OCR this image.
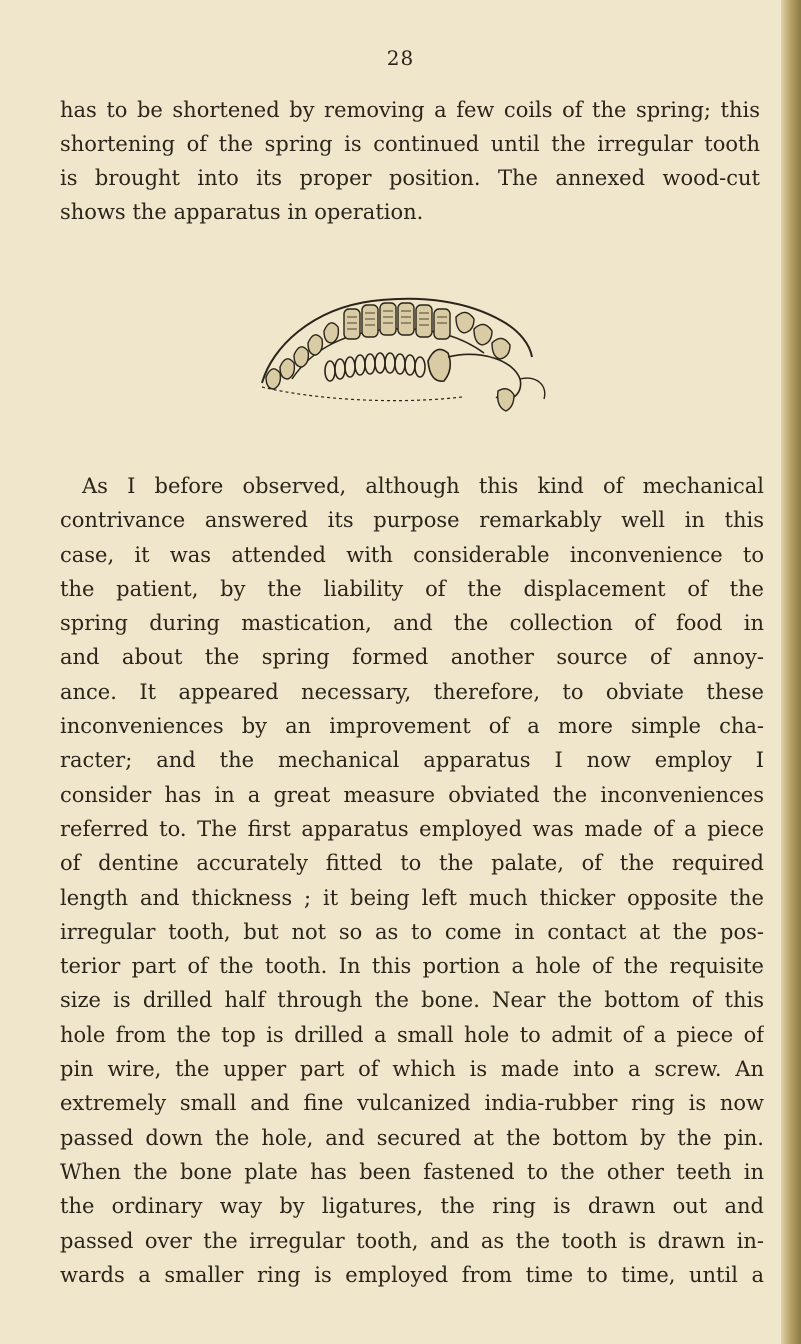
28
has to be shortened by removing a few coils of the spring; this
shortening of the spring is continued until the irregular tooth
is brought into its proper position. The annexed wood-cut
shows the apparatus in operation.
As I before observed, although this kind of mechanical
contrivance answered its purpose remarkably well in this
case, it was attended with considerable inconvenience to
the patient, by the liability of the displacement of the
spring during mastication, and the collection of food in
and about the spring formed another source of annoy-
ance. It appeared necessary, therefore, to obviate these
inconveniences by an improvement of a more simple cha-
racter; and the mechanical apparatus I now employ I
consider has in a great measure obviated the inconveniences
referred to. The first apparatus employed was made of a piece
of dentine accurately fitted to the palate, of the required
length and thickness ; it being left much thicker opposite the
irregular tooth, but not so as to come in contact at the pos-
terior part of the tooth. In this portion a hole of the requisite
size is drilled half through the bone. Near the bottom of this
hole from the top is drilled a small hole to admit of a piece of
pin wire, the upper part of which is made into a screw. An
extremely small and fine vulcanized india-rubber ring is now
passed down the hole, and secured at the bottom by the pin.
When the bone plate has been fastened to the other teeth in
the ordinary way by ligatures, the ring is drawn out and
passed over the irregular tooth, and as the tooth is drawn in-
wards a smaller ring is employed from time to time, until a
